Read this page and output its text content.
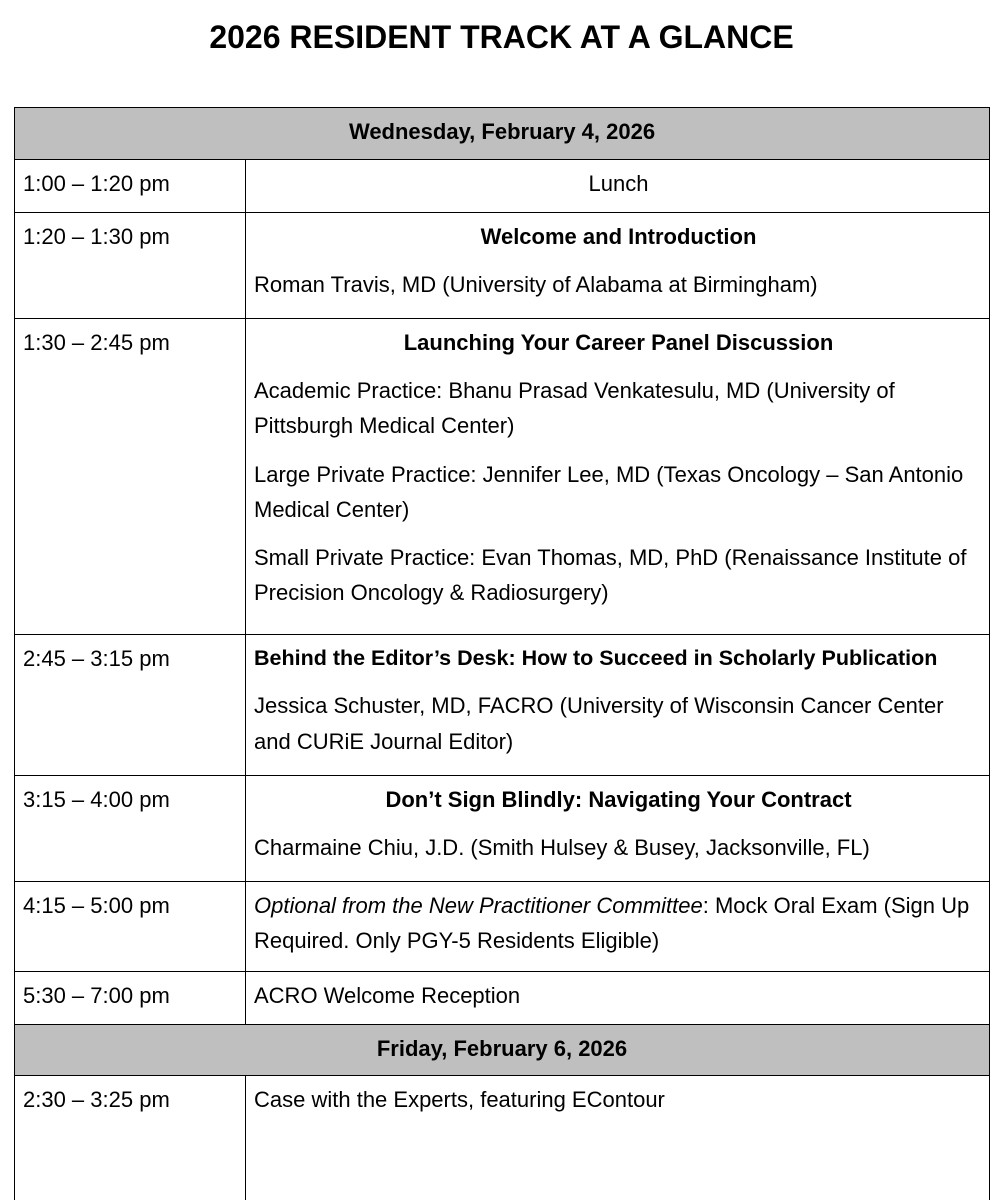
2026 RESIDENT TRACK AT A GLANCE
Wednesday, February 4, 2026	
1:00 – 1:20 pm	Lunch

1:20 – 1:30 pm	Welcome and Introduction

Roman Travis, MD (University of Alabama at Birmingham)

1:30 – 2:45 pm	Launching Your Career Panel Discussion

Academic Practice: Bhanu Prasad Venkatesulu, MD (University of Pittsburgh Medical Center)

Large Private Practice: Jennifer Lee, MD (Texas Oncology – San Antonio Medical Center)

Small Private Practice: Evan Thomas, MD, PhD (Renaissance Institute of Precision Oncology & Radiosurgery)

2:45 – 3:15 pm	Behind the Editor’s Desk: How to Succeed in Scholarly Publication

Jessica Schuster, MD, FACRO (University of Wisconsin Cancer Center and CURiE Journal Editor)

3:15 – 4:00 pm	Don’t Sign Blindly: Navigating Your Contract

Charmaine Chiu, J.D. (Smith Hulsey & Busey, Jacksonville, FL)

4:15 – 5:00 pm	Optional from the New Practitioner Committee: Mock Oral Exam (Sign Up Required. Only PGY-5 Residents Eligible)

5:30 – 7:00 pm	ACRO Welcome Reception

Friday, February 6, 2026	
2:30 – 3:25 pm	Case with the Experts, featuring EContour
